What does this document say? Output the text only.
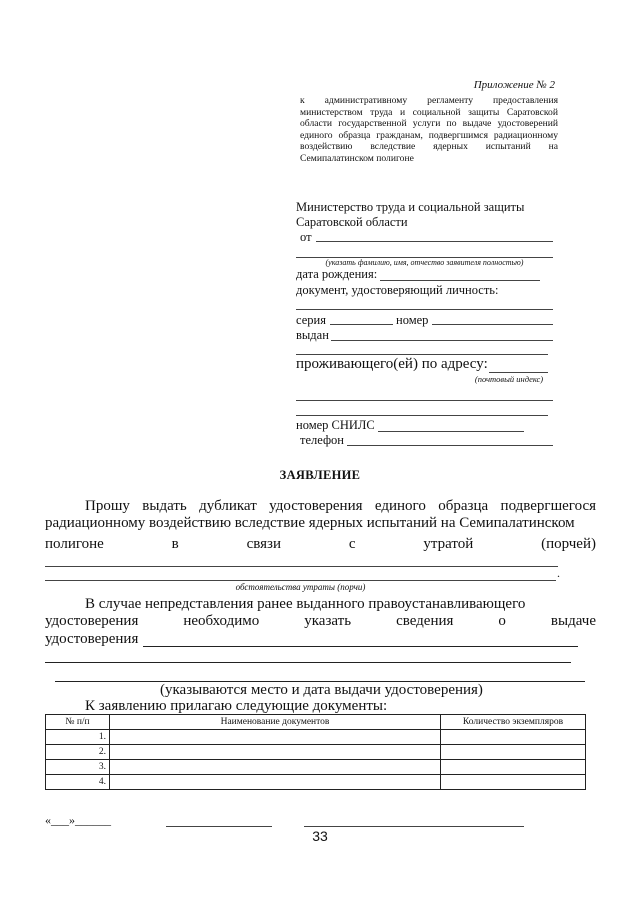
Приложение № 2
к административному регламенту предоставления министерством труда и социальной защиты Саратовской области государственной услуги по выдаче удостоверений единого образца гражданам, подвергшимся радиационному воздействию вследствие ядерных испытаний на Семипалатинском полигоне
Министерство труда и социальной защиты
Саратовской области
от
(указать фамилию, имя, отчество заявителя полностью)
дата рождения:
документ, удостоверяющий личность:
серия	номер
выдан
проживающего(ей) по адресу:
(почтовый индекс)
номер СНИЛС
телефон
ЗАЯВЛЕНИЕ
Прошу выдать дубликат удостоверения единого образца подвергшегося радиационному воздействию вследствие ядерных испытаний на Семипалатинском
полигоне	в	связи	с	утратой	(порчей)
.
обстоятельства утраты (порчи)
В случае непредставления ранее выданного правоустанавливающего
удостоверения	необходимо	указать	сведения	о	выдаче
удостоверения
(указываются место и дата выдачи удостоверения)
К заявлению прилагаю следующие документы:
№ п/п	Наименование документов	Количество экземпляров
1.		
2.		
3.		
4.		
«___»______
33
